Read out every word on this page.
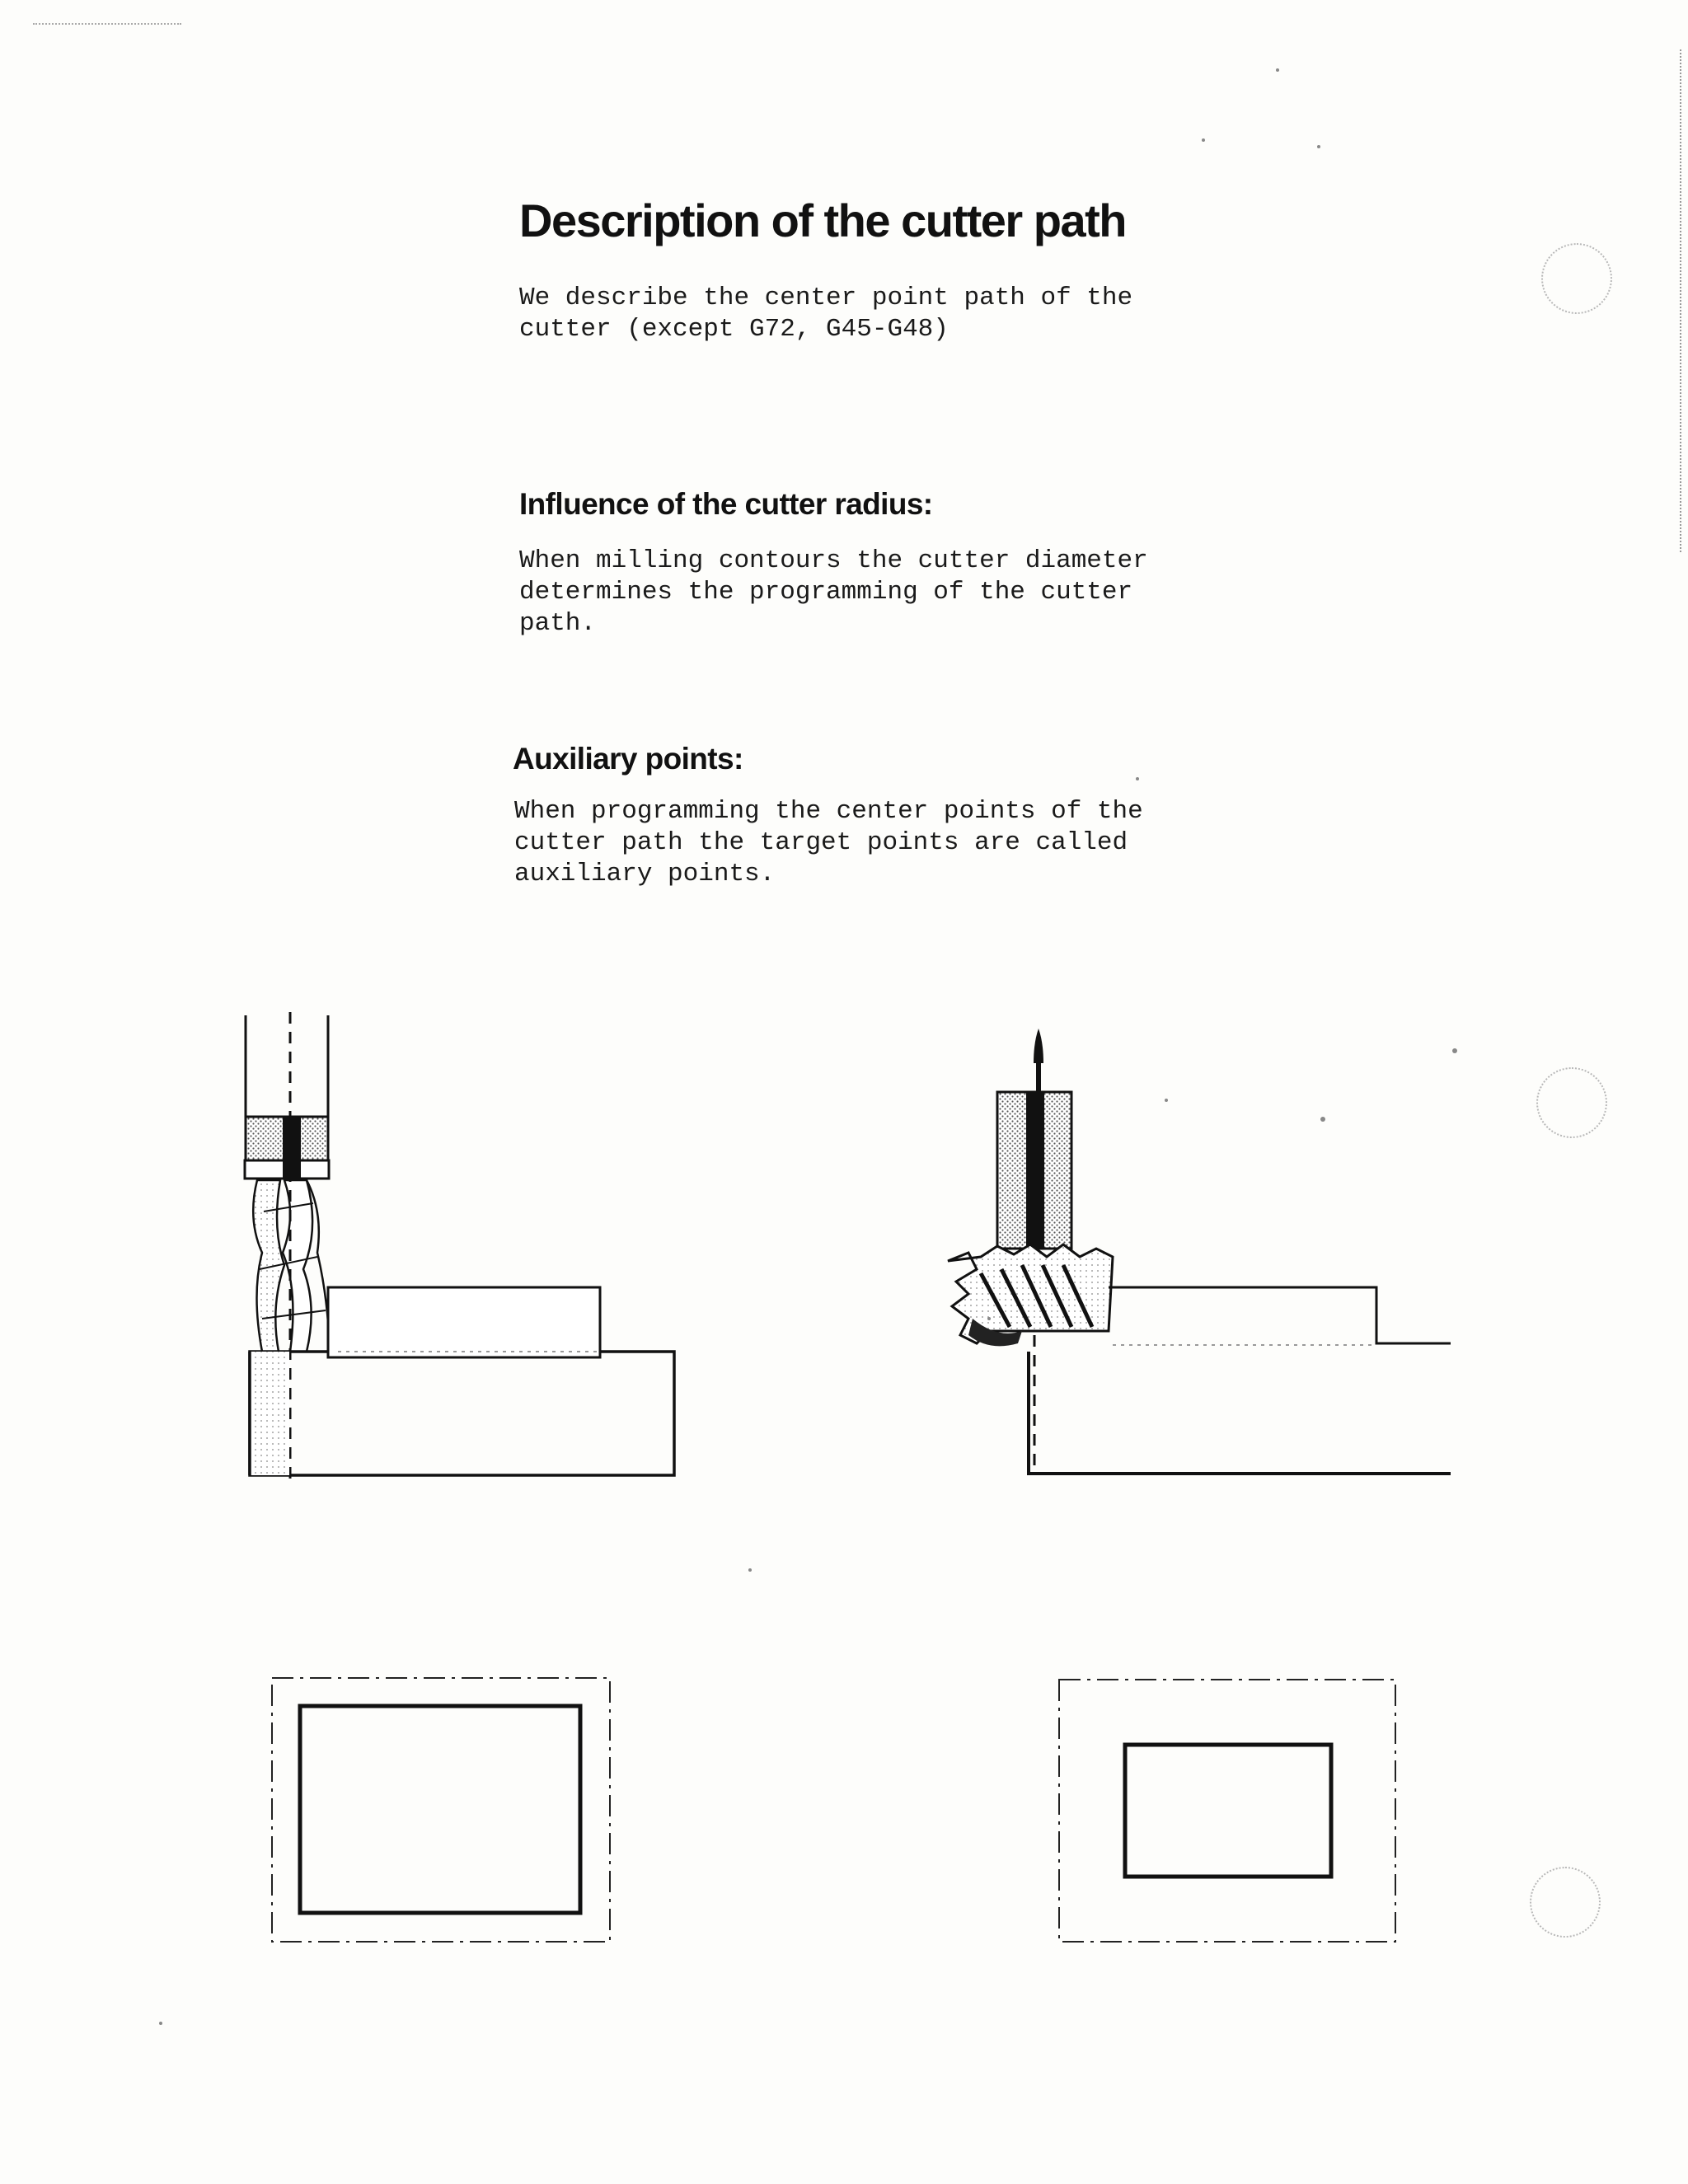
Description of the cutter path

We describe the center point path of the cutter (except G72, G45-G48)

Influence of the cutter radius:

When milling contours the cutter diameter determines the programming of the cutter path.

Auxiliary points:

When programming the center points of the cutter path the target points are called auxiliary points.
